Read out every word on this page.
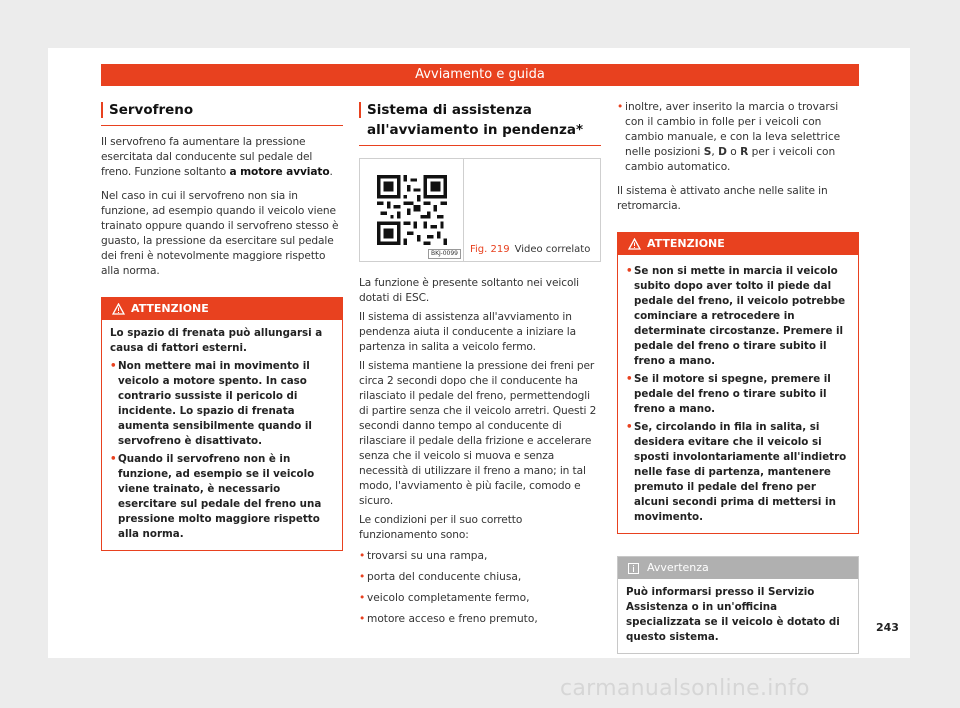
Avviamento e guida
Servofreno

Il servofreno fa aumentare la pressione esercitata dal conducente sul pedale del freno. Funzione soltanto a motore avviato.

Nel caso in cui il servofreno non sia in funzione, ad esempio quando il veicolo viene trainato oppure quando il servofreno stesso è guasto, la pressione da esercitare sul pedale dei freni è notevolmente maggiore rispetto alla norma.

ATTENZIONE
Lo spazio di frenata può allungarsi a causa di fattori esterni.
• Non mettere mai in movimento il veicolo a motore spento. In caso contrario sussiste il pericolo di incidente. Lo spazio di frenata aumenta sensibilmente quando il servofreno è disattivato.
• Quando il servofreno non è in funzione, ad esempio se il veicolo viene trainato, è necessario esercitare sul pedale del freno una pressione molto maggiore rispetto alla norma.
Sistema di assistenza all'avviamento in pendenza*
BKJ-0099	Fig. 219 Video correlato

La funzione è presente soltanto nei veicoli dotati di ESC.

Il sistema di assistenza all'avviamento in pendenza aiuta il conducente a iniziare la partenza in salita a veicolo fermo.

Il sistema mantiene la pressione dei freni per circa 2 secondi dopo che il conducente ha rilasciato il pedale del freno, permettendogli di partire senza che il veicolo arretri. Questi 2 secondi danno tempo al conducente di rilasciare il pedale della frizione e accelerare senza che il veicolo si muova e senza necessità di utilizzare il freno a mano; in tal modo, l'avviamento è più facile, comodo e sicuro.

Le condizioni per il suo corretto funzionamento sono:

• trovarsi su una rampa,
• porta del conducente chiusa,
• veicolo completamente fermo,
• motore acceso e freno premuto,
• inoltre, aver inserito la marcia o trovarsi con il cambio in folle per i veicoli con cambio manuale, e con la leva selettrice nelle posizioni S, D o R per i veicoli con cambio automatico.

Il sistema è attivato anche nelle salite in retromarcia.

ATTENZIONE
• Se non si mette in marcia il veicolo subito dopo aver tolto il piede dal pedale del freno, il veicolo potrebbe cominciare a retrocedere in determinate circostanze. Premere il pedale del freno o tirare subito il freno a mano.
• Se il motore si spegne, premere il pedale del freno o tirare subito il freno a mano.
• Se, circolando in fila in salita, si desidera evitare che il veicolo si sposti involontariamente all'indietro nelle fase di partenza, mantenere premuto il pedale del freno per alcuni secondi prima di mettersi in movimento.
Avvertenza
Può informarsi presso il Servizio Assistenza o in un'officina specializzata se il veicolo è dotato di questo sistema.
243
carmanualsonline.info
